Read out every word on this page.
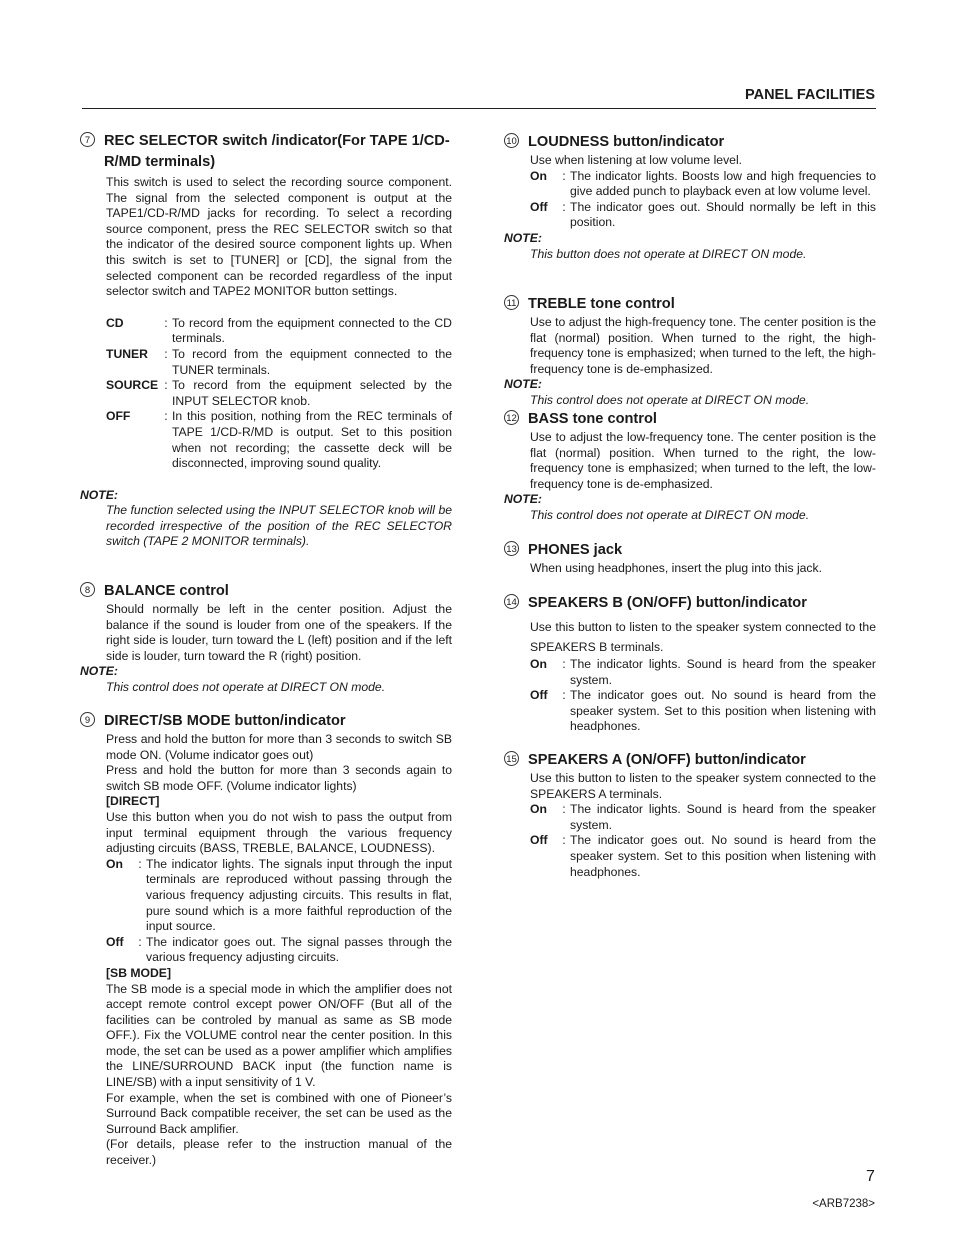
PANEL FACILITIES
7 REC SELECTOR switch /indicator(For TAPE 1/CD-R/MD terminals)

This switch is used to select the recording source component. The signal from the selected component is output at the TAPE1/CD-R/MD jacks for recording. To select a recording source component, press the REC SELECTOR switch so that the indicator of the desired source component lights up. When this switch is set to [TUNER] or [CD], the signal from the selected component can be recorded regardless of the input selector switch and TAPE2 MONITOR button settings.

CD	: To record from the equipment connected to the CD terminals.
TUNER	: To record from the equipment connected to the TUNER terminals.
SOURCE : To record from the equipment selected by the INPUT SELECTOR knob.
OFF	: In this position, nothing from the REC terminals of TAPE 1/CD-R/MD is output. Set to this position when not recording; the cassette deck will be disconnected, improving sound quality.

NOTE:

The function selected using the INPUT SELECTOR knob will be recorded irrespective of the position of the REC SELECTOR switch (TAPE 2 MONITOR terminals).

8 BALANCE control

Should normally be left in the center position. Adjust the balance if the sound is louder from one of the speakers. If the right side is louder, turn toward the L (left) position and if the left side is louder, turn toward the R (right) position.

NOTE:

This control does not operate at DIRECT ON mode.

9 DIRECT/SB MODE button/indicator

Press and hold the button for more than 3 seconds to switch SB mode ON. (Volume indicator goes out)

Press and hold the button for more than 3 seconds again to switch SB mode OFF. (Volume indicator lights)

[DIRECT]

Use this button when you do not wish to pass the output from input terminal equipment through the various frequency adjusting circuits (BASS, TREBLE, BALANCE, LOUDNESS).

On	: The indicator lights. The signals input through the input terminals are reproduced without passing through the various frequency adjusting circuits. This results in flat, pure sound which is a more faithful reproduction of the input source.
Off	: The indicator goes out. The signal passes through the various frequency adjusting circuits.

[SB MODE]

The SB mode is a special mode in which the amplifier does not accept remote control except power ON/OFF (But all of the facilities can be controled by manual as same as SB mode OFF.). Fix the VOLUME control near the center position. In this mode, the set can be used as a power amplifier which amplifies the LINE/SURROUND BACK input (the function name is LINE/SB) with a input sensitivity of 1 V.

For example, when the set is combined with one of Pioneer’s Surround Back compatible receiver, the set can be used as the Surround Back amplifier.

(For details, please refer to the instruction manual of the receiver.)

10 LOUDNESS button/indicator

Use when listening at low volume level.

On	: The indicator lights. Boosts low and high frequencies to give added punch to playback even at low volume level.
Off	: The indicator goes out. Should normally be left in this position.

NOTE:

This button does not operate at DIRECT ON mode.

11 TREBLE tone control

Use to adjust the high-frequency tone. The center position is the flat (normal) position. When turned to the right, the high-frequency tone is emphasized; when turned to the left, the high-frequency tone is de-emphasized.

NOTE:

This control does not operate at DIRECT ON mode.

12 BASS tone control

Use to adjust the low-frequency tone. The center position is the flat (normal) position. When turned to the right, the low-frequency tone is emphasized; when turned to the left, the low-frequency tone is de-emphasized.

NOTE:

This control does not operate at DIRECT ON mode.

13 PHONES jack

When using headphones, insert the plug into this jack.

14 SPEAKERS B (ON/OFF) button/indicator

Use this button to listen to the speaker system connected to the SPEAKERS B terminals.

On	: The indicator lights. Sound is heard from the speaker system.
Off	: The indicator goes out. No sound is heard from the speaker system. Set to this position when listening with headphones.
15 SPEAKERS A (ON/OFF) button/indicator

Use this button to listen to the speaker system connected to the SPEAKERS A terminals.

On	: The indicator lights. Sound is heard from the speaker system.
Off	: The indicator goes out. No sound is heard from the speaker system. Set to this position when listening with headphones.
7
<ARB7238>
